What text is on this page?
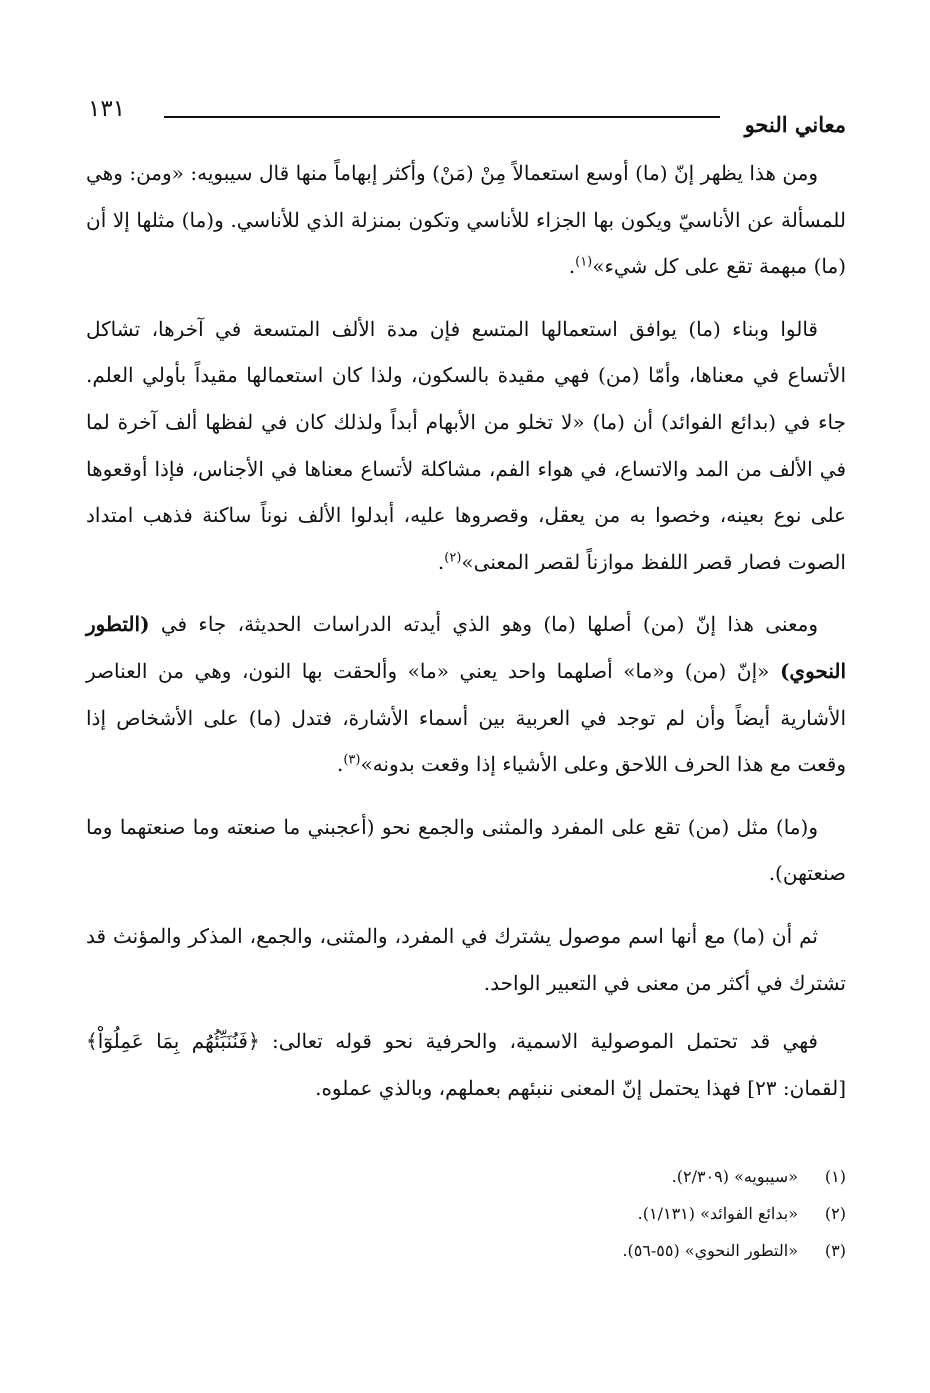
معاني النحو
١٣١

ومن هذا يظهر إنّ (ما) أوسع استعمالاً مِنْ (مَنْ) وأكثر إبهاماً منها قال سيبويه: «ومن: وهي للمسألة عن الأناسيّ ويكون بها الجزاء للأناسي وتكون بمنزلة الذي للأناسي. و(ما) مثلها إلا أن (ما) مبهمة تقع على كل شيء»$^{(١)}$.

قالوا وبناء (ما) يوافق استعمالها المتسع فإن مدة الألف المتسعة في آخرها، تشاكل الأتساع في معناها، وأمّا (من) فهي مقيدة بالسكون، ولذا كان استعمالها مقيداً بأولي العلم. جاء في (بدائع الفوائد) أن (ما) «لا تخلو من الأبهام أبداً ولذلك كان في لفظها ألف آخرة لما في الألف من المد والاتساع، في هواء الفم، مشاكلة لأتساع معناها في الأجناس، فإذا أوقعوها على نوع بعينه، وخصوا به من يعقل، وقصروها عليه، أبدلوا الألف نوناً ساكنة فذهب امتداد الصوت فصار قصر اللفظ موازناً لقصر المعنى»$^{(٢)}$.

ومعنى هذا إنّ (من) أصلها (ما) وهو الذي أيدته الدراسات الحديثة، جاء في (التطور النحوي) «إنّ (من) و«ما» أصلهما واحد يعني «ما» وألحقت بها النون، وهي من العناصر الأشارية أيضاً وأن لم توجد في العربية بين أسماء الأشارة، فتدل (ما) على الأشخاص إذا وقعت مع هذا الحرف اللاحق وعلى الأشياء إذا وقعت بدونه»$^{(٣)}$.

و(ما) مثل (من) تقع على المفرد والمثنى والجمع نحو (أعجبني ما صنعته وما صنعتهما وما صنعتهن).

ثم أن (ما) مع أنها اسم موصول يشترك في المفرد، والمثنى، والجمع، المذكر والمؤنث قد تشترك في أكثر من معنى في التعبير الواحد.

فهي قد تحتمل الموصولية الاسمية، والحرفية نحو قوله تعالى: ﴿فَنُنَبِّئُهُم بِمَا عَمِلُوٓاْ﴾ [لقمان: ٢٣] فهذا يحتمل إنّ المعنى ننبئهم بعملهم، وبالذي عملوه.

(١)«سيبويه» (٢/٣٠٩).
(٢)«بدائع الفوائد» (١/١٣١).
(٣)«التطور النحوي» (٥٥-٥٦).
